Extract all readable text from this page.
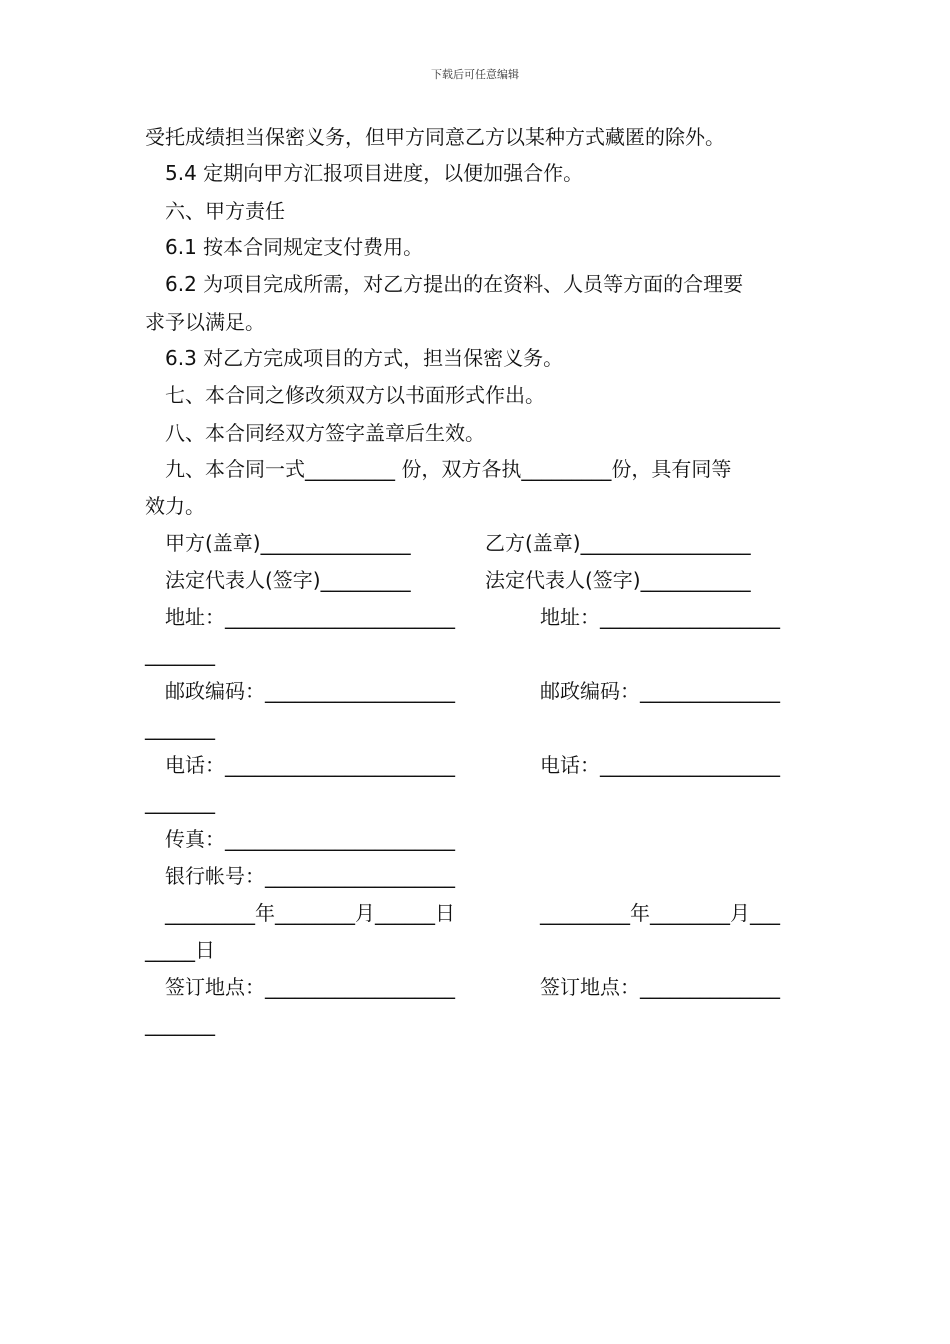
下载后可任意编辑
受托成绩担当保密义务，但甲方同意乙方以某种方式藏匿的除外。
5.4 定期向甲方汇报项目进度，以便加强合作。
六、甲方责任
6.1 按本合同规定支付费用。
6.2 为项目完成所需，对乙方提出的在资料、人员等方面的合理要
求予以满足。
6.3 对乙方完成项目的方式，担当保密义务。
七、本合同之修改须双方以书面形式作出。
八、本合同经双方签字盖章后生效。
九、本合同一式_________ 份，双方各执_________份，具有同等
效力。
甲方(盖章)_______________	乙方(盖章)_________________
法定代表人(签字)_________	法定代表人(签字)___________
地址：_______________________	地址：__________________
_______
邮政编码：___________________	邮政编码：______________
_______
电话：_______________________	电话：__________________
_______
传真：_______________________
银行帐号：___________________
_________年________月______日	_________年________月___
_____日
签订地点：___________________	签订地点：______________
_______
